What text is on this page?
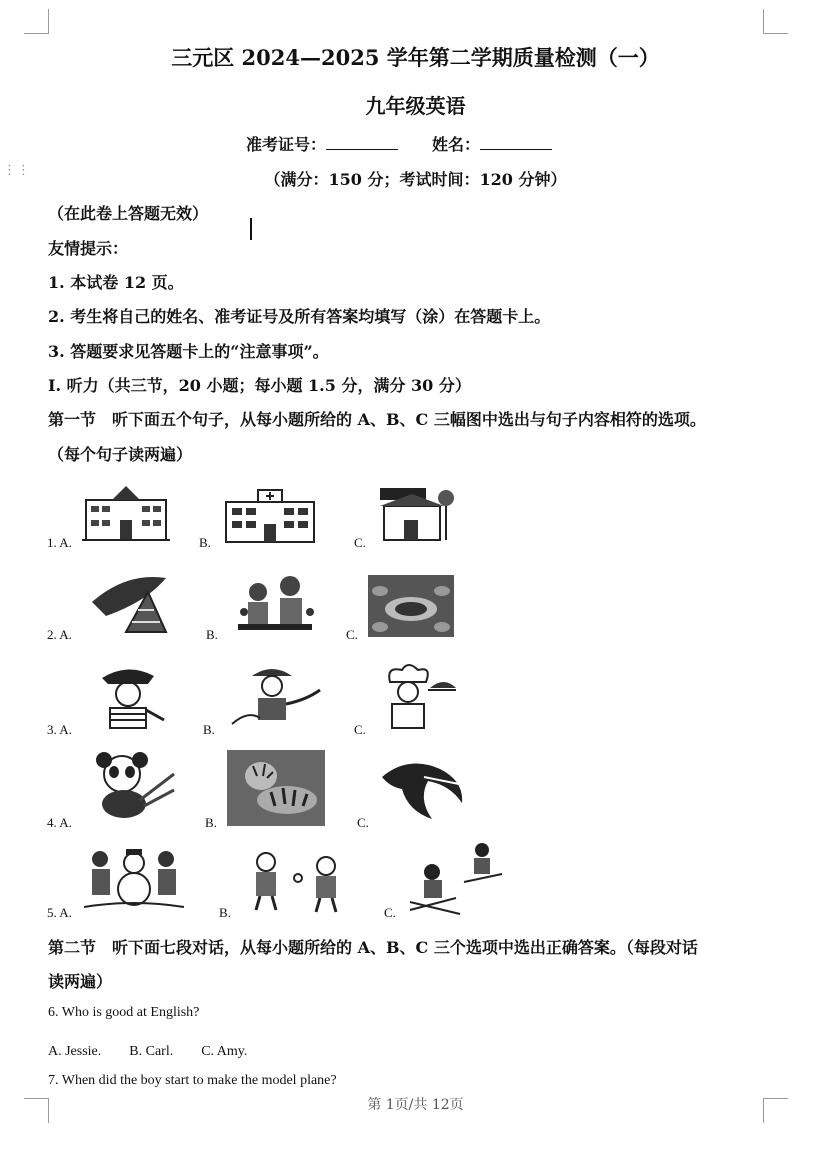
⋮⋮
三元区 2024—2025 学年第二学期质量检测（一）
九年级英语
准考证号：	姓名：
（满分：150 分；考试时间：120 分钟）
（在此卷上答题无效）
友情提示：
1. 本试卷 12 页。
2. 考生将自己的姓名、准考证号及所有答案均填写（涂）在答题卡上。
3. 答题要求见答题卡上的“注意事项”。
Ⅰ. 听力（共三节，20 小题；每小题 1.5 分，满分 30 分）
第一节　听下面五个句子，从每小题所给的 A、B、C 三幅图中选出与句子内容相符的选项。
（每个句子读两遍）
1. A.	B.	C.
2. A.	B.	C.
3. A.	B.	C.
4. A.	B.	C.
5. A.	B.	C.
第二节　听下面七段对话，从每小题所给的 A、B、C 三个选项中选出正确答案。（每段对话
读两遍）
6. Who is good at English?
A. Jessie.　　B. Carl.　　C. Amy.
7. When did the boy start to make the model plane?
第 1页/共 12页
